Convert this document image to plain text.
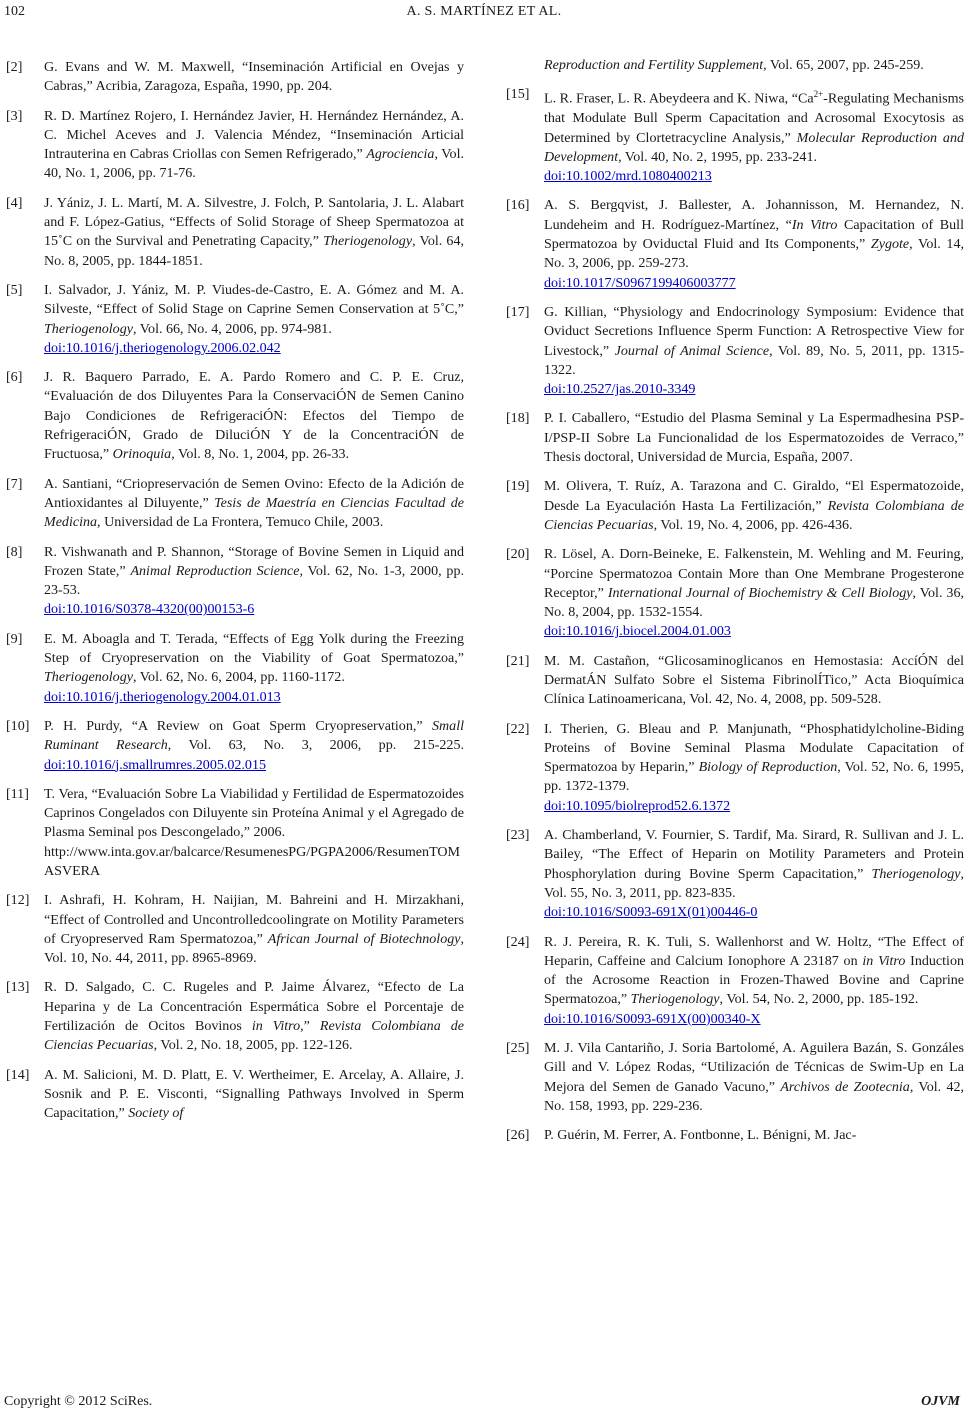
102	A. S. MARTÍNEZ ET AL.
[2]	G. Evans and W. M. Maxwell, “Inseminación Artificial en Ovejas y Cabras,” Acribia, Zaragoza, España, 1990, pp. 204.
[3]	R. D. Martínez Rojero, I. Hernández Javier, H. Hernández Hernández, A. C. Michel Aceves and J. Valencia Méndez, “Inseminación Articial Intrauterina en Cabras Criollas con Semen Refrigerado,” Agrociencia, Vol. 40, No. 1, 2006, pp. 71-76.
[4]	J. Yániz, J. L. Martí, M. A. Silvestre, J. Folch, P. Santolaria, J. L. Alabart and F. López-Gatius, “Effects of Solid Storage of Sheep Spermatozoa at 15˚C on the Survival and Penetrating Capacity,” Theriogenology, Vol. 64, No. 8, 2005, pp. 1844-1851.
[5]	I. Salvador, J. Yániz, M. P. Viudes-de-Castro, E. A. Gómez and M. A. Silveste, “Effect of Solid Stage on Caprine Semen Conservation at 5˚C,” Theriogenology, Vol. 66, No. 4, 2006, pp. 974-981.
doi:10.1016/j.theriogenology.2006.02.042
[6]	J. R. Baquero Parrado, E. A. Pardo Romero and C. P. E. Cruz, “Evaluación de dos Diluyentes Para la ConservaciÓN de Semen Canino Bajo Condiciones de RefrigeraciÓN: Efectos del Tiempo de RefrigeraciÓN, Grado de DiluciÓN Y de la ConcentraciÓN de Fructuosa,” Orinoquia, Vol. 8, No. 1, 2004, pp. 26-33.
[7]	A. Santiani, “Criopreservación de Semen Ovino: Efecto de la Adición de Antioxidantes al Diluyente,” Tesis de Maestría en Ciencias Facultad de Medicina, Universidad de La Frontera, Temuco Chile, 2003.
[8]	R. Vishwanath and P. Shannon, “Storage of Bovine Semen in Liquid and Frozen State,” Animal Reproduction Science, Vol. 62, No. 1-3, 2000, pp. 23-53.
doi:10.1016/S0378-4320(00)00153-6
[9]	E. M. Aboagla and T. Terada, “Effects of Egg Yolk during the Freezing Step of Cryopreservation on the Viability of Goat Spermatozoa,” Theriogenology, Vol. 62, No. 6, 2004, pp. 1160-1172.
doi:10.1016/j.theriogenology.2004.01.013
[10]	P. H. Purdy, “A Review on Goat Sperm Cryopreservation,” Small Ruminant Research, Vol. 63, No. 3, 2006, pp. 215-225. doi:10.1016/j.smallrumres.2005.02.015
[11]	T. Vera, “Evaluación Sobre La Viabilidad y Fertilidad de Espermatozoides Caprinos Congelados con Diluyente sin Proteína Animal y el Agregado de Plasma Seminal pos Descongelado,” 2006.
http://www.inta.gov.ar/balcarce/ResumenesPG/PGPA2006/ResumenTOMASVERA
[12]	I. Ashrafi, H. Kohram, H. Naijian, M. Bahreini and H. Mirzakhani, “Effect of Controlled and Uncontrolledcoolingrate on Motility Parameters of Cryopreserved Ram Spermatozoa,” African Journal of Biotechnology, Vol. 10, No. 44, 2011, pp. 8965-8969.
[13]	R. D. Salgado, C. C. Rugeles and P. Jaime Álvarez, “Efecto de La Heparina y de La Concentración Espermática Sobre el Porcentaje de Fertilización de Ocitos Bovinos in Vitro,” Revista Colombiana de Ciencias Pecuarias, Vol. 2, No. 18, 2005, pp. 122-126.
[14]	A. M. Salicioni, M. D. Platt, E. V. Wertheimer, E. Arcelay, A. Allaire, J. Sosnik and P. E. Visconti, “Signalling Pathways Involved in Sperm Capacitation,” Society of
Reproduction and Fertility Supplement, Vol. 65, 2007, pp. 245-259.
[15]	L. R. Fraser, L. R. Abeydeera and K. Niwa, “$Ca^{2+}$-Regulating Mechanisms that Modulate Bull Sperm Capacitation and Acrosomal Exocytosis as Determined by Clortetracycline Analysis,” Molecular Reproduction and Development, Vol. 40, No. 2, 1995, pp. 233-241.
doi:10.1002/mrd.1080400213
[16]	A. S. Bergqvist, J. Ballester, A. Johannisson, M. Hernandez, N. Lundeheim and H. Rodríguez-Martínez, “In Vitro Capacitation of Bull Spermatozoa by Oviductal Fluid and Its Components,” Zygote, Vol. 14, No. 3, 2006, pp. 259-273.
doi:10.1017/S0967199406003777
[17]	G. Killian, “Physiology and Endocrinology Symposium: Evidence that Oviduct Secretions Influence Sperm Function: A Retrospective View for Livestock,” Journal of Animal Science, Vol. 89, No. 5, 2011, pp. 1315-1322.
doi:10.2527/jas.2010-3349
[18]	P. I. Caballero, “Estudio del Plasma Seminal y La Espermadhesina PSP-I/PSP-II Sobre La Funcionalidad de los Espermatozoides de Verraco,” Thesis doctoral, Universidad de Murcia, España, 2007.
[19]	M. Olivera, T. Ruíz, A. Tarazona and C. Giraldo, “El Espermatozoide, Desde La Eyaculación Hasta La Fertilización,” Revista Colombiana de Ciencias Pecuarias, Vol. 19, No. 4, 2006, pp. 426-436.
[20]	R. Lösel, A. Dorn-Beineke, E. Falkenstein, M. Wehling and M. Feuring, “Porcine Spermatozoa Contain More than One Membrane Progesterone Receptor,” International Journal of Biochemistry & Cell Biology, Vol. 36, No. 8, 2004, pp. 1532-1554.
doi:10.1016/j.biocel.2004.01.003
[21]	M. M. Castañon, “Glicosaminoglicanos en Hemostasia: AccíÓN del DermatÁN Sulfato Sobre el Sistema FibrinolÍTico,” Acta Bioquímica Clínica Latinoamericana, Vol. 42, No. 4, 2008, pp. 509-528.
[22]	I. Therien, G. Bleau and P. Manjunath, “Phosphatidylcholine-Biding Proteins of Bovine Seminal Plasma Modulate Capacitation of Spermatozoa by Heparin,” Biology of Reproduction, Vol. 52, No. 6, 1995, pp. 1372-1379.
doi:10.1095/biolreprod52.6.1372
[23]	A. Chamberland, V. Fournier, S. Tardif, Ma. Sirard, R. Sullivan and J. L. Bailey, “The Effect of Heparin on Motility Parameters and Protein Phosphorylation during Bovine Sperm Capacitation,” Theriogenology, Vol. 55, No. 3, 2011, pp. 823-835.
doi:10.1016/S0093-691X(01)00446-0
[24]	R. J. Pereira, R. K. Tuli, S. Wallenhorst and W. Holtz, “The Effect of Heparin, Caffeine and Calcium Ionophore A 23187 on in Vitro Induction of the Acrosome Reaction in Frozen-Thawed Bovine and Caprine Spermatozoa,” Theriogenology, Vol. 54, No. 2, 2000, pp. 185-192.
doi:10.1016/S0093-691X(00)00340-X
[25]	M. J. Vila Cantariño, J. Soria Bartolomé, A. Aguilera Bazán, S. Gonzáles Gill and V. López Rodas, “Utilización de Técnicas de Swim-Up en La Mejora del Semen de Ganado Vacuno,” Archivos de Zootecnia, Vol. 42, No. 158, 1993, pp. 229-236.
[26]	P. Guérin, M. Ferrer, A. Fontbonne, L. Bénigni, M. Jac-
Copyright © 2012 SciRes.	OJVM
